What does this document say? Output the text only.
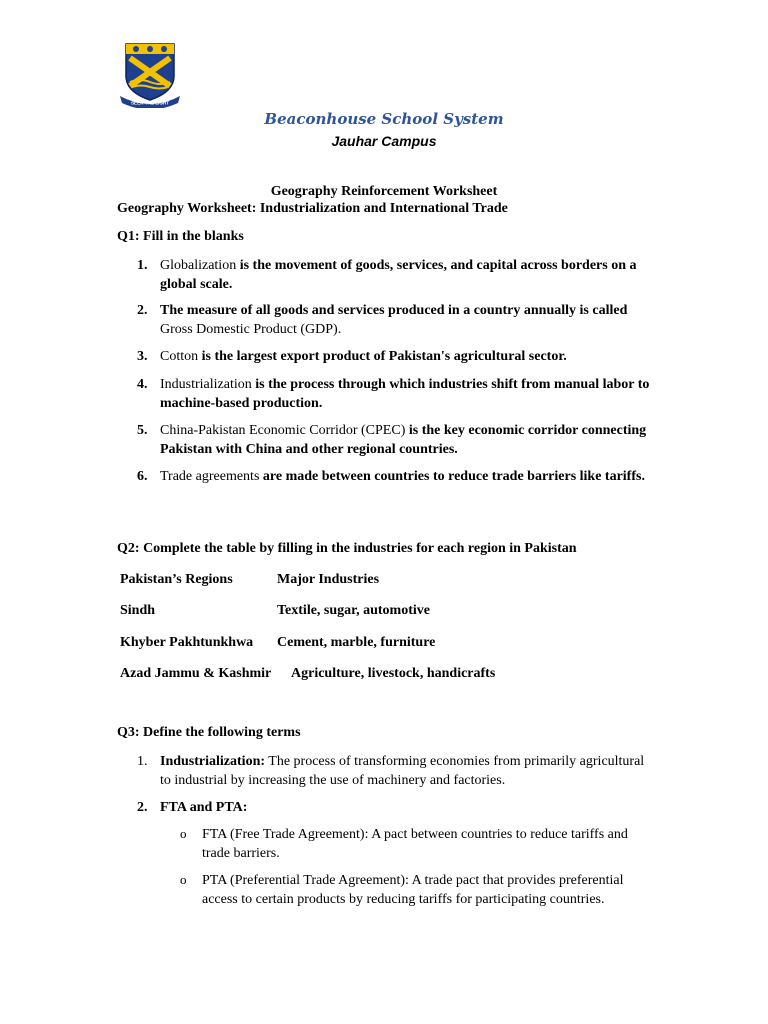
SEEK THE LIGHT
Beaconhouse School System
Jauhar Campus
Geography Reinforcement Worksheet
Geography Worksheet: Industrialization and International Trade
Q1: Fill in the blanks
1. Globalization is the movement of goods, services, and capital across borders on a global scale.
2. The measure of all goods and services produced in a country annually is called Gross Domestic Product (GDP).
3. Cotton is the largest export product of Pakistan's agricultural sector.
4. Industrialization is the process through which industries shift from manual labor to machine-based production.
5. China-Pakistan Economic Corridor (CPEC) is the key economic corridor connecting Pakistan with China and other regional countries.
6. Trade agreements are made between countries to reduce trade barriers like tariffs.
Q2: Complete the table by filling in the industries for each region in Pakistan
Pakistan’s Regions	Major Industries
Sindh	Textile, sugar, automotive
Khyber Pakhtunkhwa Cement, marble, furniture
Azad Jammu & Kashmir Agriculture, livestock, handicrafts
Q3: Define the following terms
1. Industrialization: The process of transforming economies from primarily agricultural to industrial by increasing the use of machinery and factories.
2. FTA and PTA:
o FTA (Free Trade Agreement): A pact between countries to reduce tariffs and trade barriers.
o PTA (Preferential Trade Agreement): A trade pact that provides preferential access to certain products by reducing tariffs for participating countries.
